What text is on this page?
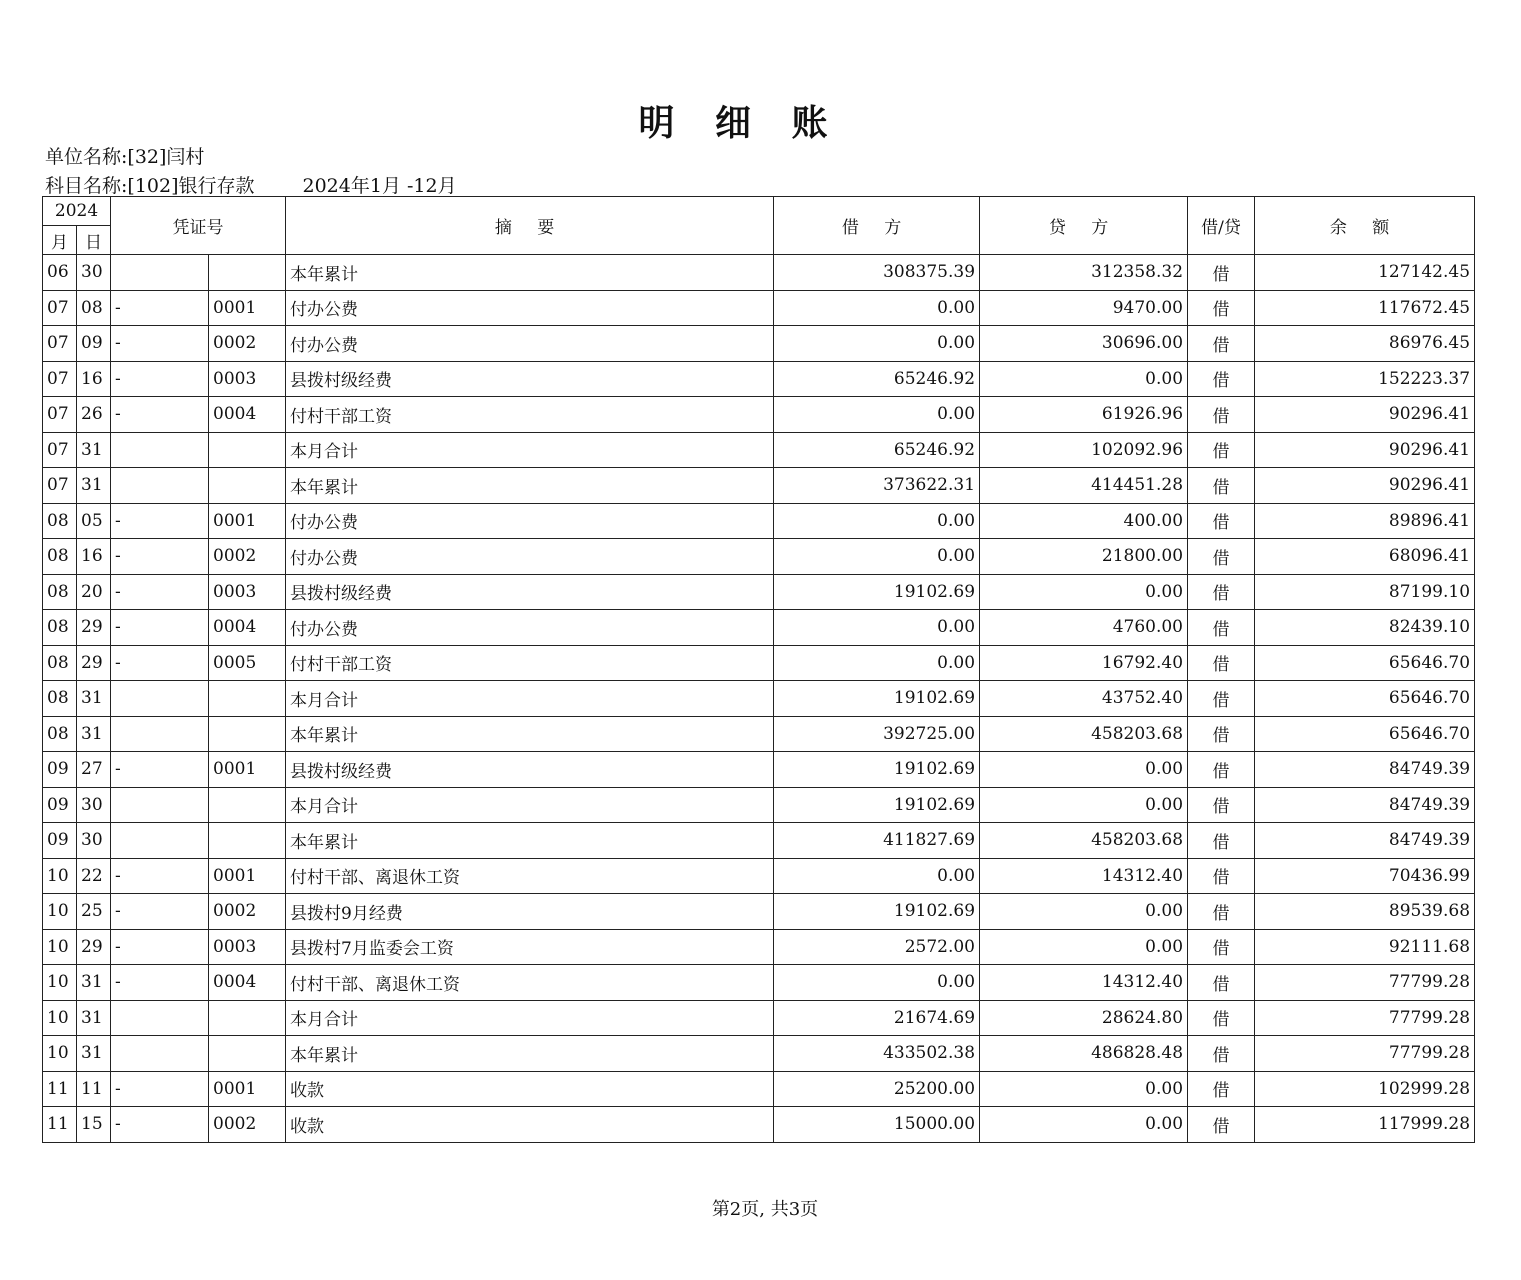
明 细 账
单位名称:[32]闫村
科目名称:[102]银行存款	2024年1月 -12月
2024		凭证号		摘 要	借 方	贷 方	借/贷	余 额
月	日							
06	30			本年累计	308375.39	312358.32	借	127142.45
07	08	-	0001	付办公费	0.00	9470.00	借	117672.45
07	09	-	0002	付办公费	0.00	30696.00	借	86976.45
07	16	-	0003	县拨村级经费	65246.92	0.00	借	152223.37
07	26	-	0004	付村干部工资	0.00	61926.96	借	90296.41
07	31			本月合计	65246.92	102092.96	借	90296.41
07	31			本年累计	373622.31	414451.28	借	90296.41
08	05	-	0001	付办公费	0.00	400.00	借	89896.41
08	16	-	0002	付办公费	0.00	21800.00	借	68096.41
08	20	-	0003	县拨村级经费	19102.69	0.00	借	87199.10
08	29	-	0004	付办公费	0.00	4760.00	借	82439.10
08	29	-	0005	付村干部工资	0.00	16792.40	借	65646.70
08	31			本月合计	19102.69	43752.40	借	65646.70
08	31			本年累计	392725.00	458203.68	借	65646.70
09	27	-	0001	县拨村级经费	19102.69	0.00	借	84749.39
09	30			本月合计	19102.69	0.00	借	84749.39
09	30			本年累计	411827.69	458203.68	借	84749.39
10	22	-	0001	付村干部、离退休工资	0.00	14312.40	借	70436.99
10	25	-	0002	县拨村9月经费	19102.69	0.00	借	89539.68
10	29	-	0003	县拨村7月监委会工资	2572.00	0.00	借	92111.68
10	31	-	0004	付村干部、离退休工资	0.00	14312.40	借	77799.28
10	31			本月合计	21674.69	28624.80	借	77799.28
10	31			本年累计	433502.38	486828.48	借	77799.28
11	11	-	0001	收款	25200.00	0.00	借	102999.28
11	15	-	0002	收款	15000.00	0.00	借	117999.28
第2页, 共3页
